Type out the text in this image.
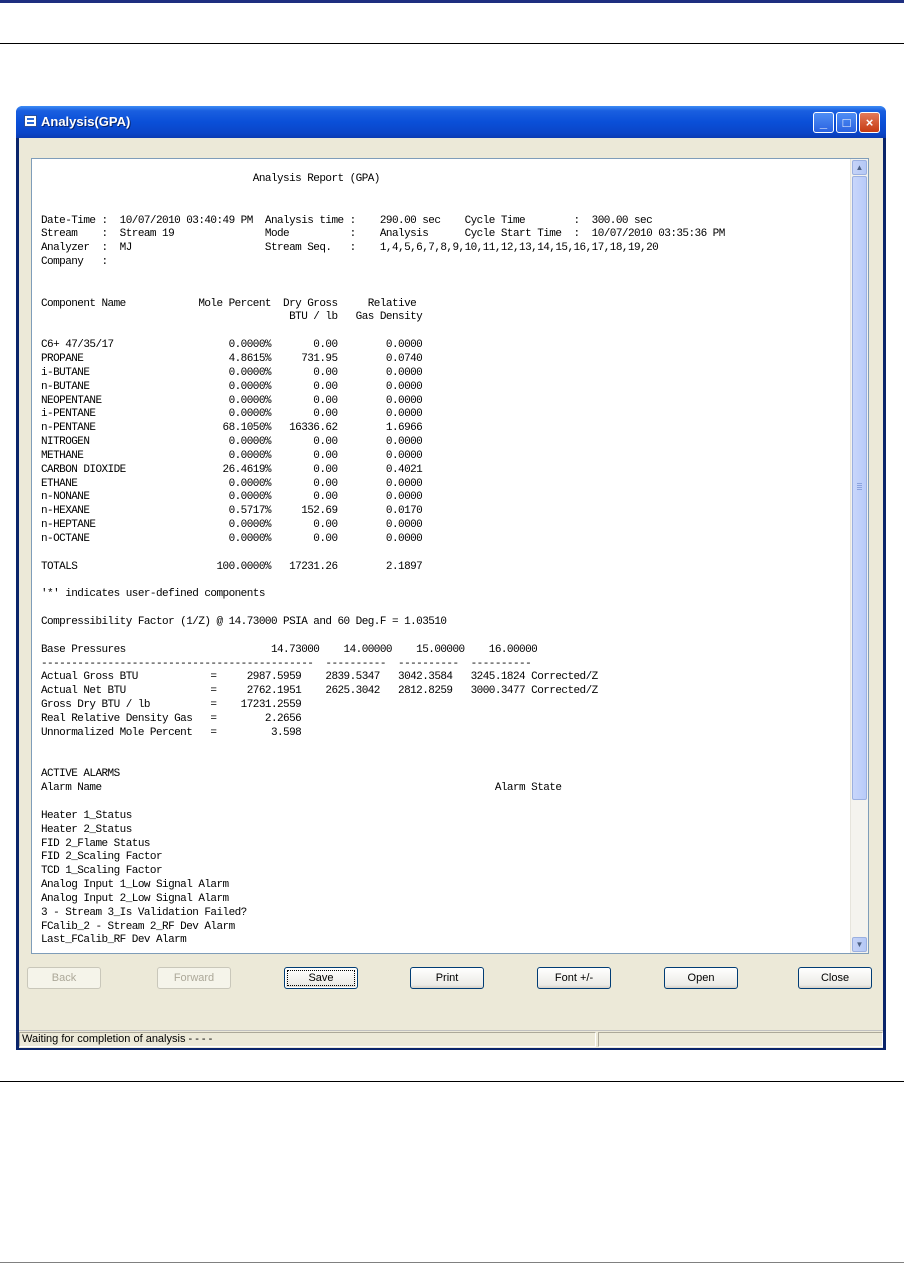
Analysis(GPA)	_	□	×
Analysis Report (GPA)

Date-Time :  10/07/2010 03:40:49 PM  Analysis time :    290.00 sec    Cycle Time        :  300.00 sec
Stream    :  Stream 19               Mode          :    Analysis      Cycle Start Time  :  10/07/2010 03:35:36 PM
Analyzer  :  MJ                      Stream Seq.   :    1,4,5,6,7,8,9,10,11,12,13,14,15,16,17,18,19,20
Company   :

Component Name            Mole Percent  Dry Gross     Relative
BTU / lb   Gas Density

C6+ 47/35/17                   0.0000%       0.00        0.0000
PROPANE                        4.8615%     731.95        0.0740
i-BUTANE                       0.0000%       0.00        0.0000
n-BUTANE                       0.0000%       0.00        0.0000
NEOPENTANE                     0.0000%       0.00        0.0000
i-PENTANE                      0.0000%       0.00        0.0000
n-PENTANE                     68.1050%   16336.62        1.6966
NITROGEN                       0.0000%       0.00        0.0000
METHANE                        0.0000%       0.00        0.0000
CARBON DIOXIDE                26.4619%       0.00        0.4021
ETHANE                         0.0000%       0.00        0.0000
n-NONANE                       0.0000%       0.00        0.0000
n-HEXANE                       0.5717%     152.69        0.0170
n-HEPTANE                      0.0000%       0.00        0.0000
n-OCTANE                       0.0000%       0.00        0.0000

TOTALS                       100.0000%   17231.26        2.1897

'*' indicates user-defined components

Compressibility Factor (1/Z) @ 14.73000 PSIA and 60 Deg.F = 1.03510

Base Pressures                        14.73000    14.00000    15.00000    16.00000
---------------------------------------------  ----------  ----------  ----------
Actual Gross BTU            =     2987.5959    2839.5347   3042.3584   3245.1824 Corrected/Z
Actual Net BTU              =     2762.1951    2625.3042   2812.8259   3000.3477 Corrected/Z
Gross Dry BTU / lb          =    17231.2559
Real Relative Density Gas   =        2.2656
Unnormalized Mole Percent   =         3.598

ACTIVE ALARMS
Alarm Name                                                                 Alarm State

Heater 1_Status
Heater 2_Status
FID 2_Flame Status
FID 2_Scaling Factor
TCD 1_Scaling Factor
Analog Input 1_Low Signal Alarm
Analog Input 2_Low Signal Alarm
3 - Stream 3_Is Validation Failed?
FCalib_2 - Stream 2_RF Dev Alarm
Last_FCalib_RF Dev Alarm
▲
▼
Back	Forward	Save	Print	Font +/-	Open	Close
Waiting for completion of analysis - - - -
